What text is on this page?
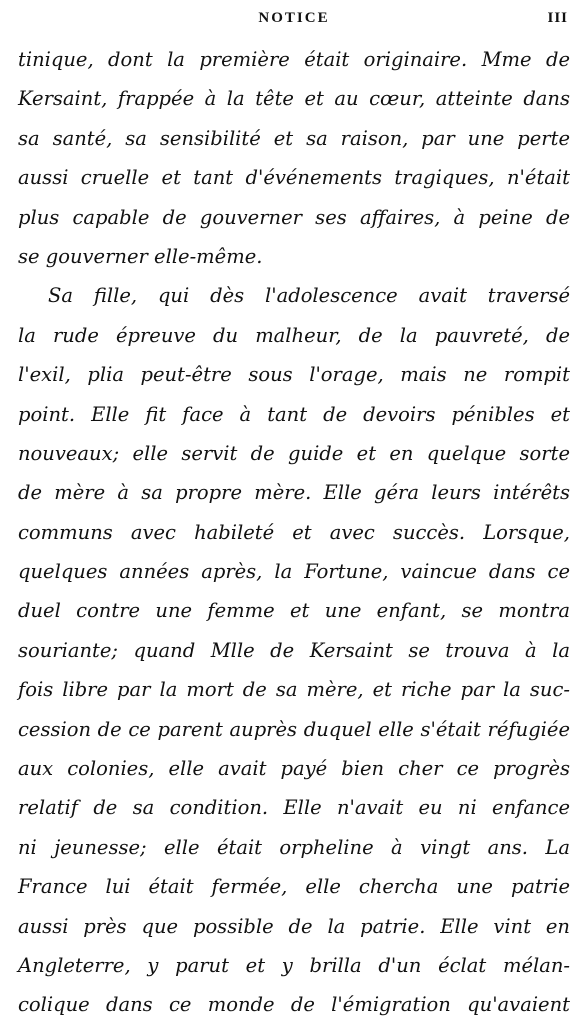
NOTICE	III
tinique, dont la première était originaire. Mme de
Kersaint, frappée à la tête et au cœur, atteinte dans
sa santé, sa sensibilité et sa raison, par une perte
aussi cruelle et tant d'événements tragiques, n'était
plus capable de gouverner ses affaires, à peine de
se gouverner elle-même.
Sa fille, qui dès l'adolescence avait traversé
la rude épreuve du malheur, de la pauvreté, de
l'exil, plia peut-être sous l'orage, mais ne rompit
point. Elle fit face à tant de devoirs pénibles et
nouveaux; elle servit de guide et en quelque sorte
de mère à sa propre mère. Elle géra leurs intérêts
communs avec habileté et avec succès. Lorsque,
quelques années après, la Fortune, vaincue dans ce
duel contre une femme et une enfant, se montra
souriante; quand Mlle de Kersaint se trouva à la
fois libre par la mort de sa mère, et riche par la suc-
cession de ce parent auprès duquel elle s'était réfugiée
aux colonies, elle avait payé bien cher ce progrès
relatif de sa condition. Elle n'avait eu ni enfance
ni jeunesse; elle était orpheline à vingt ans. La
France lui était fermée, elle chercha une patrie
aussi près que possible de la patrie. Elle vint en
Angleterre, y parut et y brilla d'un éclat mélan-
colique dans ce monde de l'émigration qu'avaient
